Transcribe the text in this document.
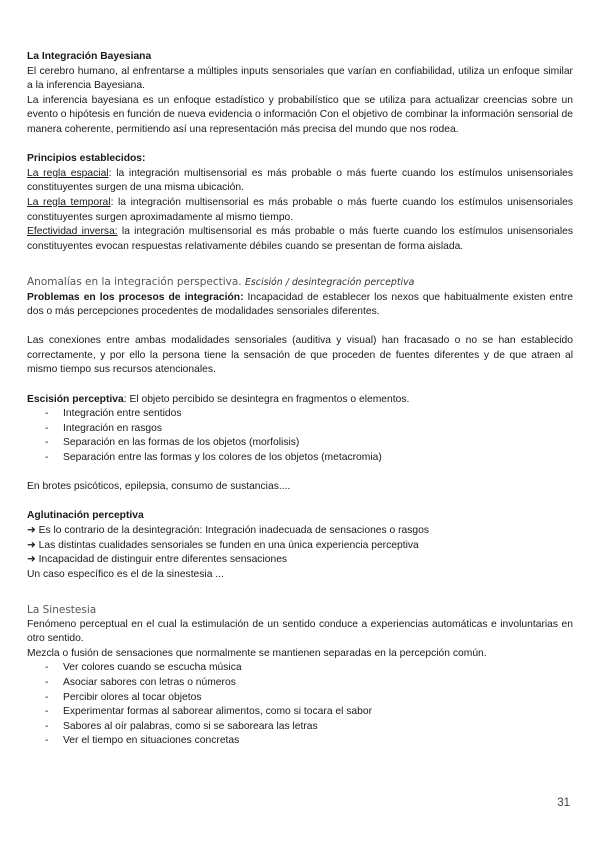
La Integración Bayesiana

El cerebro humano, al enfrentarse a múltiples inputs sensoriales que varían en confiabilidad, utiliza un enfoque similar a la inferencia Bayesiana.

La inferencia bayesiana es un enfoque estadístico y probabilístico que se utiliza para actualizar creencias sobre un evento o hipótesis en función de nueva evidencia o información Con el objetivo de combinar la información sensorial de manera coherente, permitiendo así una representación más precisa del mundo que nos rodea.

Principios establecidos:

La regla espacial: la integración multisensorial es más probable o más fuerte cuando los estímulos unisensoriales constituyentes surgen de una misma ubicación.

La regla temporal: la integración multisensorial es más probable o más fuerte cuando los estímulos unisensoriales constituyentes surgen aproximadamente al mismo tiempo.

Efectividad inversa: la integración multisensorial es más probable o más fuerte cuando los estímulos unisensoriales constituyentes evocan respuestas relativamente débiles cuando se presentan de forma aislada.

Anomalías en la integración perspectiva. Escisión / desintegración perceptiva

Problemas en los procesos de integración: Incapacidad de establecer los nexos que habitualmente existen entre dos o más percepciones procedentes de modalidades sensoriales diferentes.

Las conexiones entre ambas modalidades sensoriales (auditiva y visual) han fracasado o no se han establecido correctamente, y por ello la persona tiene la sensación de que proceden de fuentes diferentes y de que atraen al mismo tiempo sus recursos atencionales.

Escisión perceptiva: El objeto percibido se desintegra en fragmentos o elementos.

- Integración entre sentidos
- Integración en rasgos
- Separación en las formas de los objetos (morfolisis)
- Separación entre las formas y los colores de los objetos (metacromia)

En brotes psicóticos, epilepsia, consumo de sustancias....

Aglutinación perceptiva

➜ Es lo contrario de la desintegración: Integración inadecuada de sensaciones o rasgos
➜ Las distintas cualidades sensoriales se funden en una única experiencia perceptiva
➜ Incapacidad de distinguir entre diferentes sensaciones

Un caso específico es el de la sinestesia ...

La Sinestesia

Fenómeno perceptual en el cual la estimulación de un sentido conduce a experiencias automáticas e involuntarias en otro sentido.

Mezcla o fusión de sensaciones que normalmente se mantienen separadas en la percepción común.

- Ver colores cuando se escucha música
- Asociar sabores con letras o números
- Percibir olores al tocar objetos
- Experimentar formas al saborear alimentos, como si tocara el sabor
- Sabores al oír palabras, como si se saboreara las letras
- Ver el tiempo en situaciones concretas
31
